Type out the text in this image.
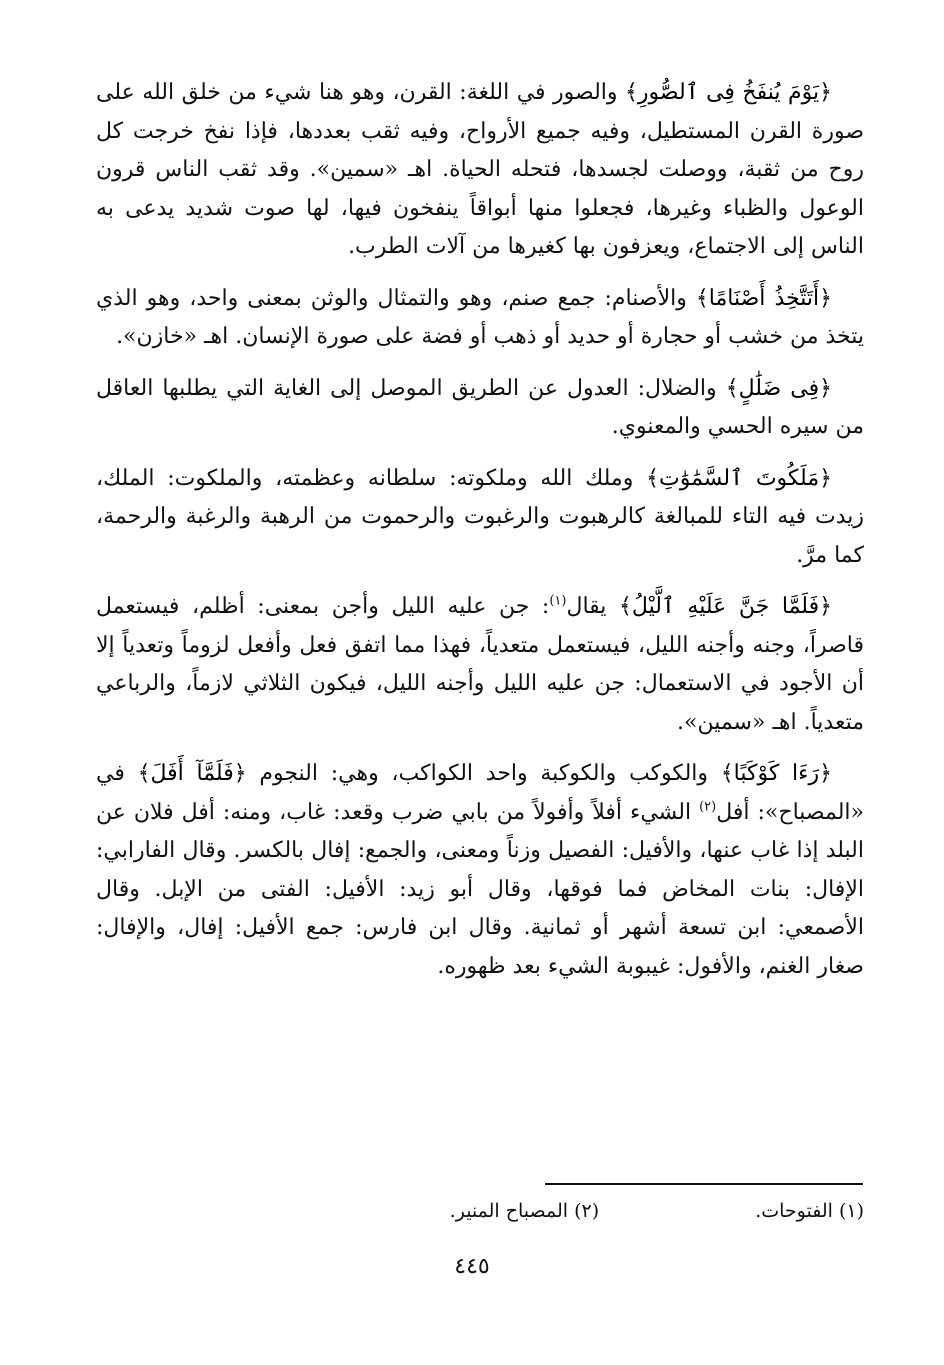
﴿يَوْمَ يُنفَخُ فِى ٱلصُّورِ﴾ والصور في اللغة: القرن، وهو هنا شيء من خلق الله على صورة القرن المستطيل، وفيه جميع الأرواح، وفيه ثقب بعددها، فإذا نفخ خرجت كل روح من ثقبة، ووصلت لجسدها، فتحله الحياة. اهـ «سمين». وقد ثقب الناس قرون الوعول والظباء وغيرها، فجعلوا منها أبواقاً ينفخون فيها، لها صوت شديد يدعى به الناس إلى الاجتماع، ويعزفون بها كغيرها من آلات الطرب.

﴿أَتَتَّخِذُ أَصْنَامًا﴾ والأصنام: جمع صنم، وهو والتمثال والوثن بمعنى واحد، وهو الذي يتخذ من خشب أو حجارة أو حديد أو ذهب أو فضة على صورة الإنسان. اهـ «خازن».

﴿فِى ضَلَٰلٍ﴾ والضلال: العدول عن الطريق الموصل إلى الغاية التي يطلبها العاقل من سيره الحسي والمعنوي.

﴿مَلَكُوتَ ٱلسَّمَٰوَٰتِ﴾ وملك الله وملكوته: سلطانه وعظمته، والملكوت: الملك، زيدت فيه التاء للمبالغة كالرهبوت والرغبوت والرحموت من الرهبة والرغبة والرحمة، كما مرَّ.

﴿فَلَمَّا جَنَّ عَلَيْهِ ٱلَّيْلُ﴾ يقال$^{(١)}$: جن عليه الليل وأجن بمعنى: أظلم، فيستعمل قاصراً، وجنه وأجنه الليل، فيستعمل متعدياً، فهذا مما اتفق فعل وأفعل لزوماً وتعدياً إلا أن الأجود في الاستعمال: جن عليه الليل وأجنه الليل، فيكون الثلاثي لازماً، والرباعي متعدياً. اهـ «سمين».

﴿رَءَا كَوْكَبًا﴾ والكوكب والكوكبة واحد الكواكب، وهي: النجوم ﴿فَلَمَّآ أَفَلَ﴾ في «المصباح»: أفل$^{(٢)}$ الشيء أفلاً وأفولاً من بابي ضرب وقعد: غاب، ومنه: أفل فلان عن البلد إذا غاب عنها، والأفيل: الفصيل وزناً ومعنى، والجمع: إفال بالكسر. وقال الفارابي: الإفال: بنات المخاض فما فوقها، وقال أبو زيد: الأفيل: الفتى من الإبل. وقال الأصمعي: ابن تسعة أشهر أو ثمانية. وقال ابن فارس: جمع الأفيل: إفال، والإفال: صغار الغنم، والأفول: غيبوبة الشيء بعد ظهوره.

(١) الفتوحات. (٢) المصباح المنير.
٤٤٥
